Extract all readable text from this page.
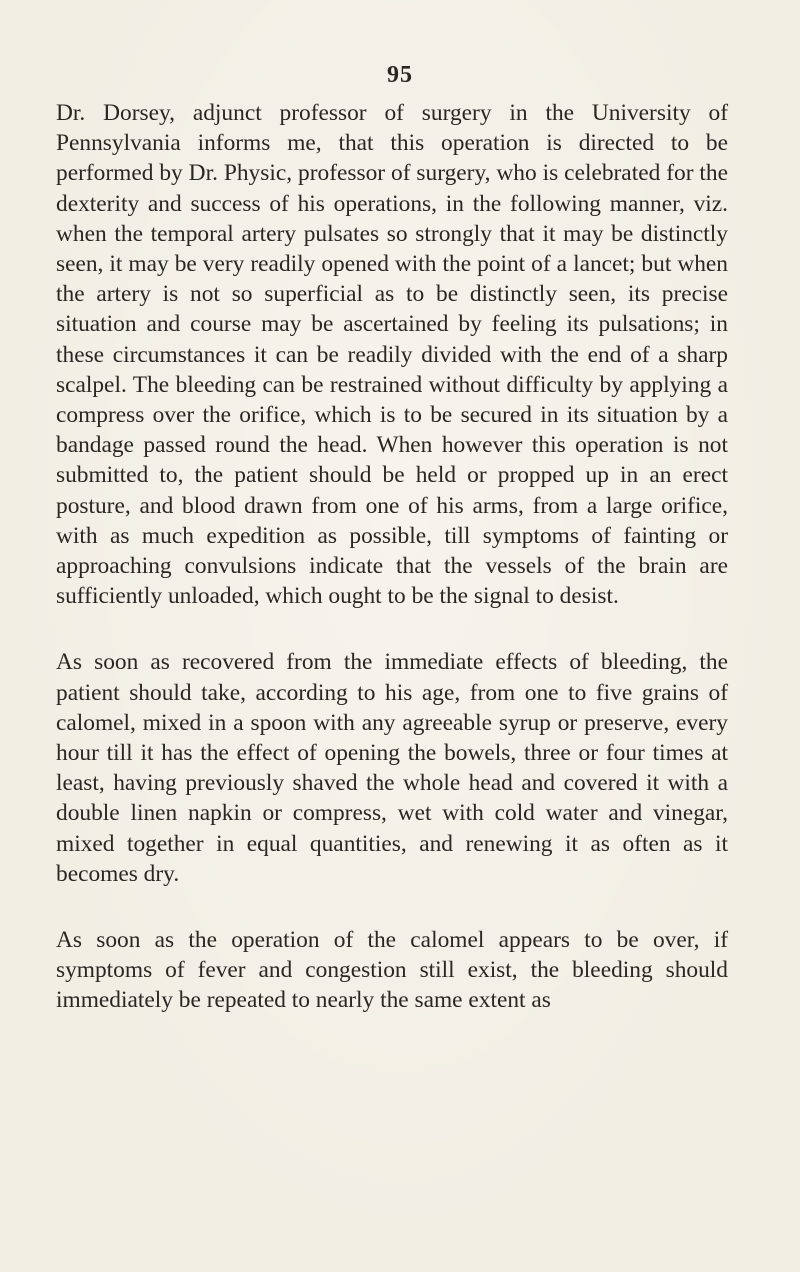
95

Dr. Dorsey, adjunct professor of surgery in the University of Pennsylvania informs me, that this operation is directed to be performed by Dr. Physic, professor of surgery, who is celebrated for the dexterity and success of his operations, in the following manner, viz. when the temporal artery pulsates so strongly that it may be distinctly seen, it may be very readily opened with the point of a lancet; but when the artery is not so superficial as to be distinctly seen, its precise situation and course may be ascertained by feeling its pulsations; in these circumstances it can be readily divided with the end of a sharp scalpel. The bleeding can be restrained without difficulty by applying a compress over the orifice, which is to be secured in its situation by a bandage passed round the head. When however this operation is not submitted to, the patient should be held or propped up in an erect posture, and blood drawn from one of his arms, from a large orifice, with as much expedition as possible, till symptoms of fainting or approaching convulsions indicate that the vessels of the brain are sufficiently unloaded, which ought to be the signal to desist.

As soon as recovered from the immediate effects of bleeding, the patient should take, according to his age, from one to five grains of calomel, mixed in a spoon with any agreeable syrup or preserve, every hour till it has the effect of opening the bowels, three or four times at least, having previously shaved the whole head and covered it with a double linen napkin or compress, wet with cold water and vinegar, mixed together in equal quantities, and renewing it as often as it becomes dry.

As soon as the operation of the calomel appears to be over, if symptoms of fever and congestion still exist, the bleeding should immediately be repeated to nearly the same extent as
